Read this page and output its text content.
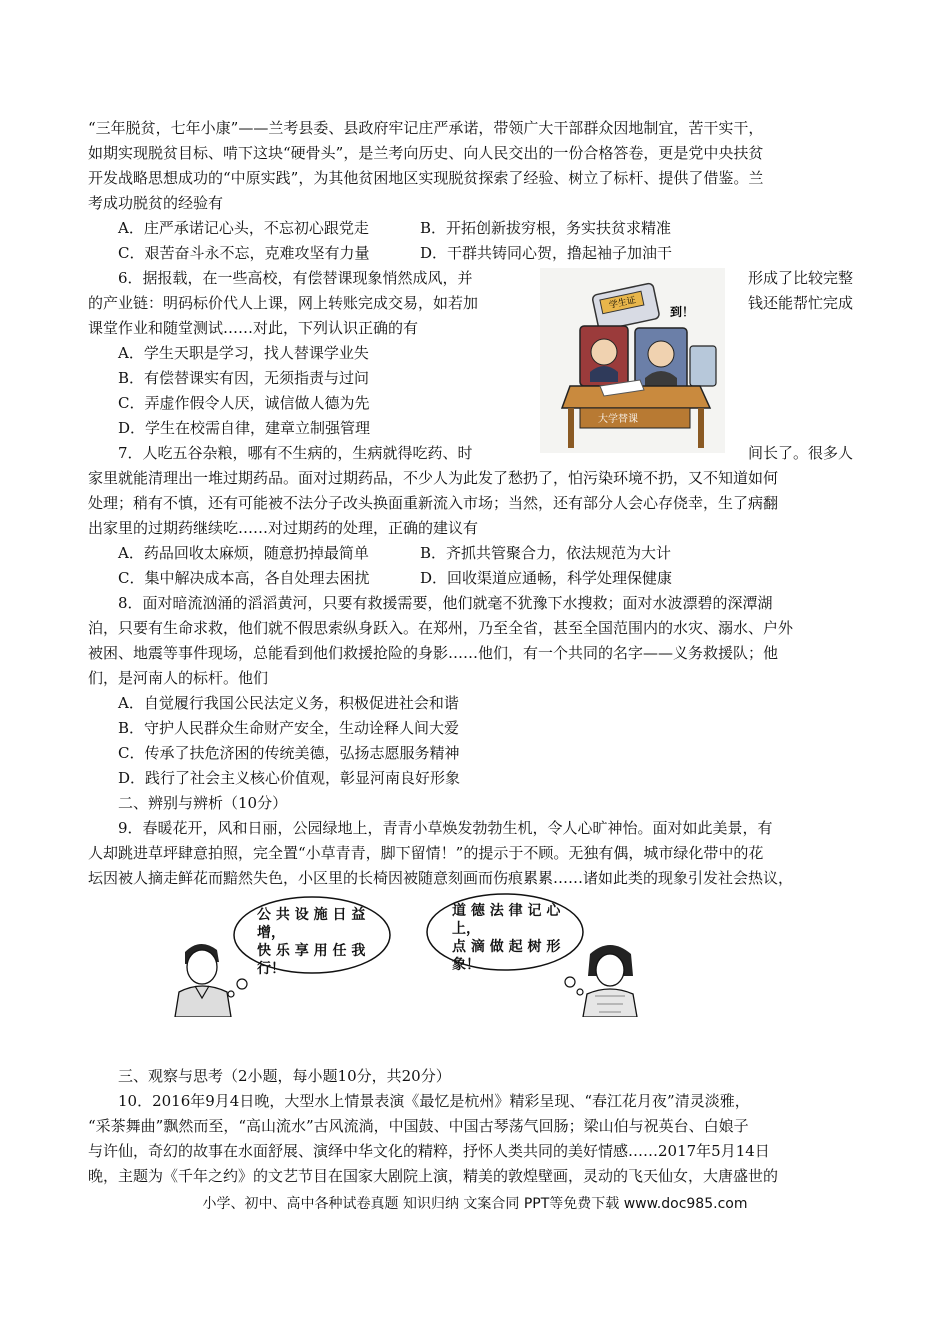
“三年脱贫，七年小康”——兰考县委、县政府牢记庄严承诺，带领广大干部群众因地制宜，苦干实干，
如期实现脱贫目标、啃下这块“硬骨头”，是兰考向历史、向人民交出的一份合格答卷，更是党中央扶贫
开发战略思想成功的“中原实践”，为其他贫困地区实现脱贫探索了经验、树立了标杆、提供了借鉴。兰
考成功脱贫的经验有
A．庄严承诺记心头，不忘初心跟党走	B．开拓创新拔穷根，务实扶贫求精准
C．艰苦奋斗永不忘，克难攻坚有力量	D．干群共铸同心贺，撸起袖子加油干
6．据报载，在一些高校，有偿替课现象悄然成风，并	形成了比较完整
的产业链：明码标价代人上课，网上转账完成交易，如若加	钱还能帮忙完成
课堂作业和随堂测试……对此，下列认识正确的有
A．学生天职是学习，找人替课学业失
B．有偿替课实有因，无须指责与过问
C．弄虚作假令人厌，诚信做人德为先
D．学生在校需自律，建章立制强管理
学生证
到！
大学替课
7．人吃五谷杂粮，哪有不生病的，生病就得吃药、时	间长了。很多人
家里就能清理出一堆过期药品。面对过期药品，不少人为此发了愁扔了，怕污染环境不扔，又不知道如何
处理；稍有不慎，还有可能被不法分子改头换面重新流入市场；当然，还有部分人会心存侥幸，生了病翻
出家里的过期药继续吃……对过期药的处理，正确的建议有
A．药品回收太麻烦，随意扔掉最简单	B．齐抓共管聚合力，依法规范为大计
C．集中解决成本高，各自处理去困扰	D．回收渠道应通畅，科学处理保健康
8．面对暗流汹涌的滔滔黄河，只要有救援需要，他们就毫不犹豫下水搜救；面对水波漂碧的深潭湖
泊，只要有生命求救，他们就不假思索纵身跃入。在郑州，乃至全省，甚至全国范围内的水灾、溺水、户外
被困、地震等事件现场，总能看到他们救援抢险的身影……他们，有一个共同的名字——义务救援队；他
们，是河南人的标杆。他们
A．自觉履行我国公民法定义务，积极促进社会和谐
B．守护人民群众生命财产安全，生动诠释人间大爱
C．传承了扶危济困的传统美德，弘扬志愿服务精神
D．践行了社会主义核心价值观，彰显河南良好形象
二、辨别与辨析（10分）
9．春暖花开，风和日丽，公园绿地上，青青小草焕发勃勃生机，令人心旷神怡。面对如此美景，有
人却跳进草坪肆意拍照，完全置“小草青青，脚下留情！”的提示于不顾。无独有偶，城市绿化带中的花
坛因被人摘走鲜花而黯然失色，小区里的长椅因被随意刻画而伤痕累累……诸如此类的现象引发社会热议，
公 共 设 施 日 益
增，
快 乐 享 用 任 我
行！
道 德 法 律 记 心
上，
点 滴 做 起 树 形
象！
三、观察与思考（2小题，每小题10分，共20分）
10．2016年9月4日晚，大型水上情景表演《最忆是杭州》精彩呈现、“春江花月夜”清灵淡雅，
“采茶舞曲”飘然而至，“高山流水”古风流淌，中国鼓、中国古琴荡气回肠；梁山伯与祝英台、白娘子
与许仙，奇幻的故事在水面舒展、演绎中华文化的精粹，抒怀人类共同的美好情感……2017年5月14日
晚，主题为《千年之约》的文艺节目在国家大剧院上演，精美的敦煌壁画，灵动的飞天仙女，大唐盛世的
小学、初中、高中各种试卷真题 知识归纳 文案合同 PPT等免费下载 www.doc985.com
